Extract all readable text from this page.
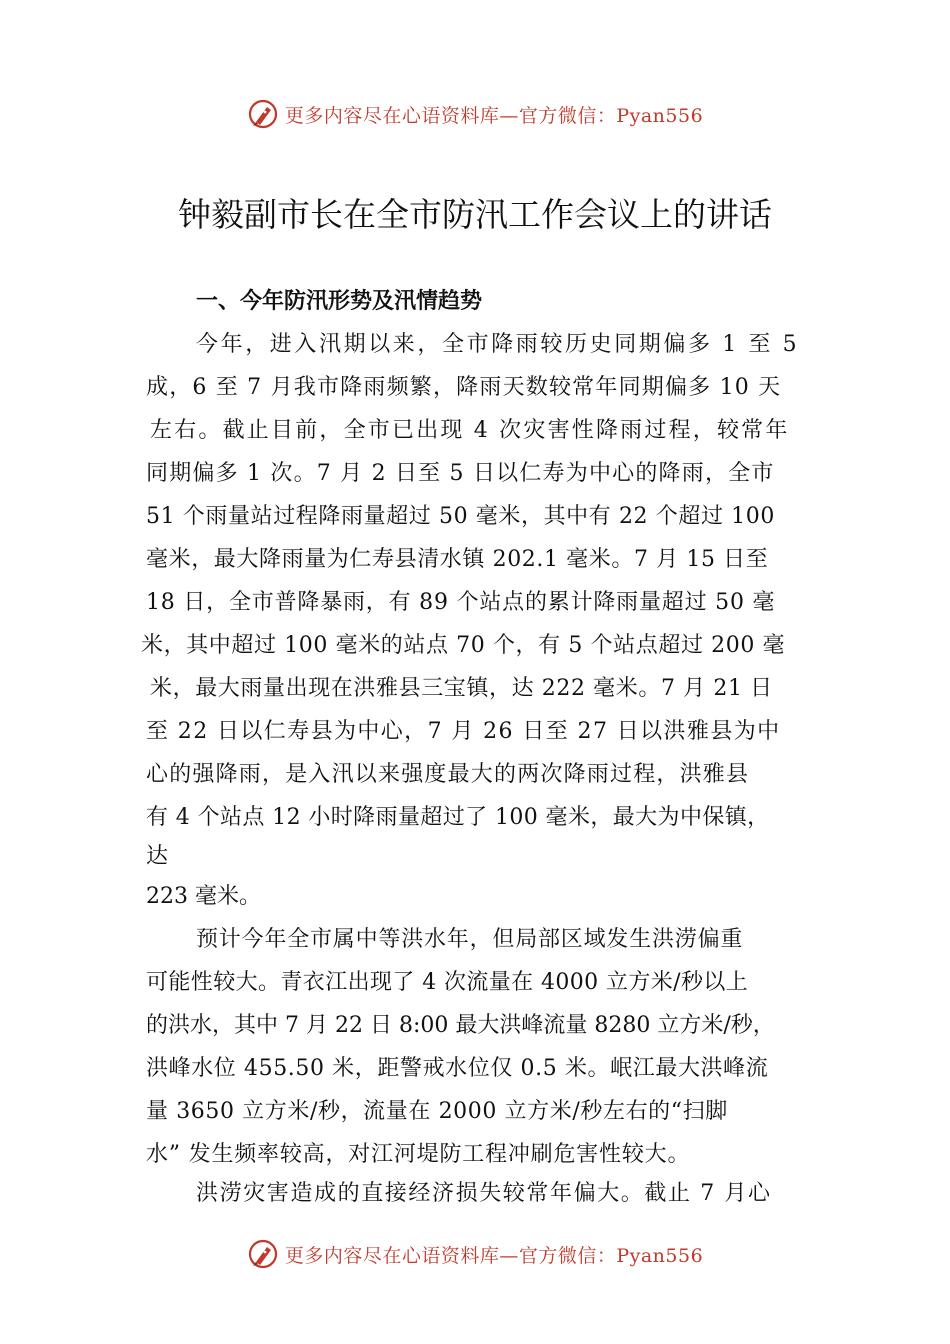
更多内容尽在心语资料库—官方微信：Pyan556
钟毅副市长在全市防汛工作会议上的讲话
一、今年防汛形势及汛情趋势
今年，进入汛期以来，全市降雨较历史同期偏多 1 至 5
成，6 至 7 月我市降雨频繁，降雨天数较常年同期偏多 10 天
左右。截止目前，全市已出现 4 次灾害性降雨过程，较常年
同期偏多 1 次。7 月 2 日至 5 日以仁寿为中心的降雨，全市
51 个雨量站过程降雨量超过 50 毫米，其中有 22 个超过 100
毫米，最大降雨量为仁寿县清水镇 202.1 毫米。7 月 15 日至
18 日，全市普降暴雨，有 89 个站点的累计降雨量超过 50 毫
米，其中超过 100 毫米的站点 70 个，有 5 个站点超过 200 毫
米，最大雨量出现在洪雅县三宝镇，达 222 毫米。7 月 21 日
至 22 日以仁寿县为中心，7 月 26 日至 27 日以洪雅县为中
心的强降雨，是入汛以来强度最大的两次降雨过程，洪雅县
有 4 个站点 12 小时降雨量超过了 100 毫米，最大为中保镇，
达
223 毫米。
预计今年全市属中等洪水年，但局部区域发生洪涝偏重
可能性较大。青衣江出现了 4 次流量在 4000 立方米/秒以上
的洪水，其中 7 月 22 日 8:00 最大洪峰流量 8280 立方米/秒，
洪峰水位 455.50 米，距警戒水位仅 0.5 米。岷江最大洪峰流
量 3650 立方米/秒，流量在 2000 立方米/秒左右的“扫脚
水” 发生频率较高，对江河堤防工程冲刷危害性较大。
洪涝灾害造成的直接经济损失较常年偏大。截止 7 月心
更多内容尽在心语资料库—官方微信：Pyan556
